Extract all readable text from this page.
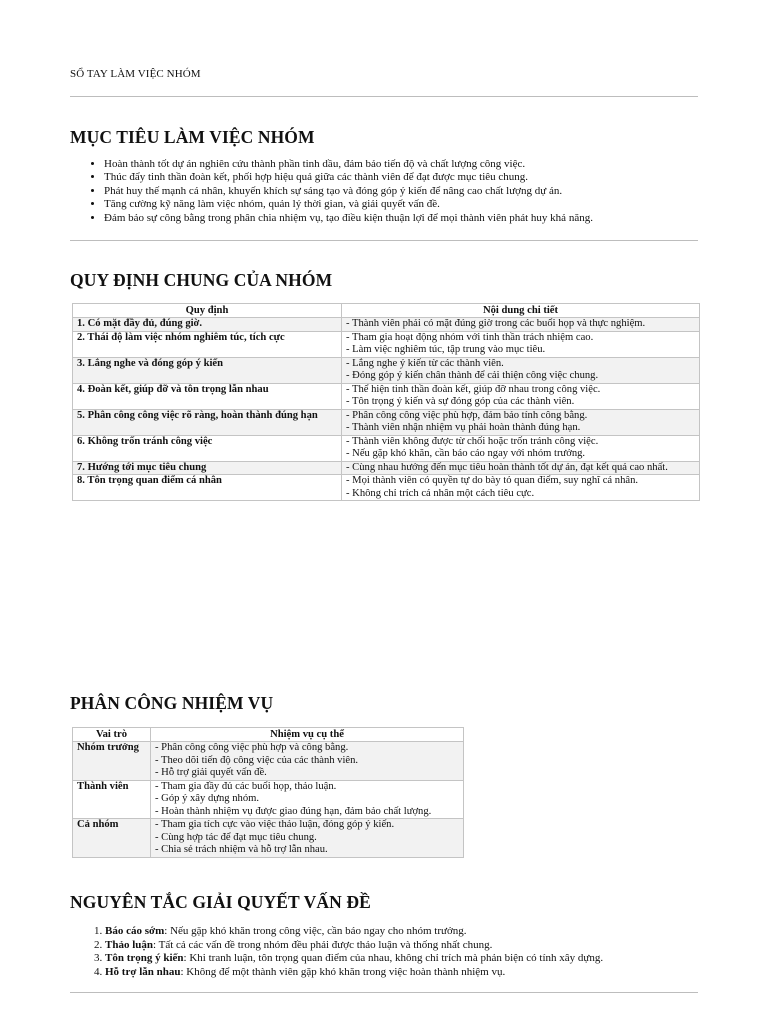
SỔ TAY LÀM VIỆC NHÓM
MỤC TIÊU LÀM VIỆC NHÓM
• Hoàn thành tốt dự án nghiên cứu thành phần tinh dầu, đảm bảo tiến độ và chất lượng công việc.
• Thúc đẩy tinh thần đoàn kết, phối hợp hiệu quả giữa các thành viên để đạt được mục tiêu chung.
• Phát huy thế mạnh cá nhân, khuyến khích sự sáng tạo và đóng góp ý kiến để nâng cao chất lượng dự án.
• Tăng cường kỹ năng làm việc nhóm, quản lý thời gian, và giải quyết vấn đề.
• Đảm bảo sự công bằng trong phân chia nhiệm vụ, tạo điều kiện thuận lợi để mọi thành viên phát huy khả năng.
QUY ĐỊNH CHUNG CỦA NHÓM
Quy định	Nội dung chi tiết
1. Có mặt đầy đủ, đúng giờ.	- Thành viên phải có mặt đúng giờ trong các buổi họp và thực nghiệm.

2. Thái độ làm việc nhóm nghiêm túc, tích cực	- Tham gia hoạt động nhóm với tinh thần trách nhiệm cao.
- Làm việc nghiêm túc, tập trung vào mục tiêu.

3. Lắng nghe và đóng góp ý kiến	- Lắng nghe ý kiến từ các thành viên.
- Đóng góp ý kiến chân thành để cải thiện công việc chung.

4. Đoàn kết, giúp đỡ và tôn trọng lẫn nhau	- Thể hiện tinh thần đoàn kết, giúp đỡ nhau trong công việc.
- Tôn trọng ý kiến và sự đóng góp của các thành viên.

5. Phân công công việc rõ ràng, hoàn thành đúng hạn	- Phân công công việc phù hợp, đảm bảo tính công bằng.
- Thành viên nhận nhiệm vụ phải hoàn thành đúng hạn.

6. Không trốn tránh công việc	- Thành viên không được từ chối hoặc trốn tránh công việc.
- Nếu gặp khó khăn, cần báo cáo ngay với nhóm trưởng.

7. Hướng tới mục tiêu chung	- Cùng nhau hướng đến mục tiêu hoàn thành tốt dự án, đạt kết quả cao nhất.

8. Tôn trọng quan điểm cá nhân	- Mọi thành viên có quyền tự do bày tỏ quan điểm, suy nghĩ cá nhân.
- Không chỉ trích cá nhân một cách tiêu cực.
PHÂN CÔNG NHIỆM VỤ
Vai trò	Nhiệm vụ cụ thể
Nhóm trưởng	- Phân công công việc phù hợp và công bằng.
- Theo dõi tiến độ công việc của các thành viên.
- Hỗ trợ giải quyết vấn đề.

Thành viên	- Tham gia đầy đủ các buổi họp, thảo luận.
- Góp ý xây dựng nhóm.
- Hoàn thành nhiệm vụ được giao đúng hạn, đảm bảo chất lượng.

Cả nhóm	- Tham gia tích cực vào việc thảo luận, đóng góp ý kiến.
- Cùng hợp tác để đạt mục tiêu chung.
- Chia sẻ trách nhiệm và hỗ trợ lẫn nhau.
NGUYÊN TẮC GIẢI QUYẾT VẤN ĐỀ
1. Báo cáo sớm: Nếu gặp khó khăn trong công việc, cần báo ngay cho nhóm trưởng.
2. Thảo luận: Tất cả các vấn đề trong nhóm đều phải được thảo luận và thống nhất chung.
3. Tôn trọng ý kiến: Khi tranh luận, tôn trọng quan điểm của nhau, không chỉ trích mà phản biện có tính xây dựng.
4. Hỗ trợ lẫn nhau: Không để một thành viên gặp khó khăn trong việc hoàn thành nhiệm vụ.
